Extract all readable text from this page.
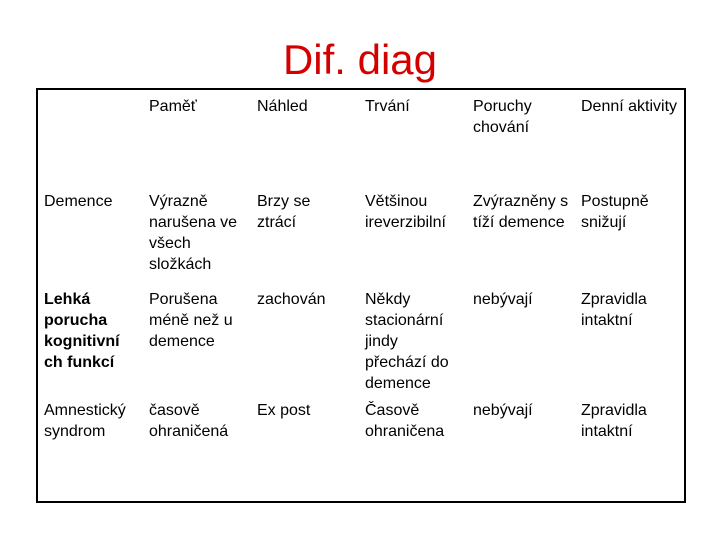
Dif. diag
	Paměť	Náhled	Trvání	Poruchy chování	Denní aktivity
Demence	Výrazně narušena ve všech složkách	Brzy se ztrácí	Většinou ireverzibilní	Zvýrazněny s tíží demence	Postupně snižují
Lehká porucha kognitivní ch funkcí	Porušena méně než u demence	zachován	Někdy stacionární jindy přechází do demence	nebývají	Zpravidla intaktní
Amnestický syndrom	časově ohraničená	Ex post	Časově ohraničena	nebývají	Zpravidla intaktní
